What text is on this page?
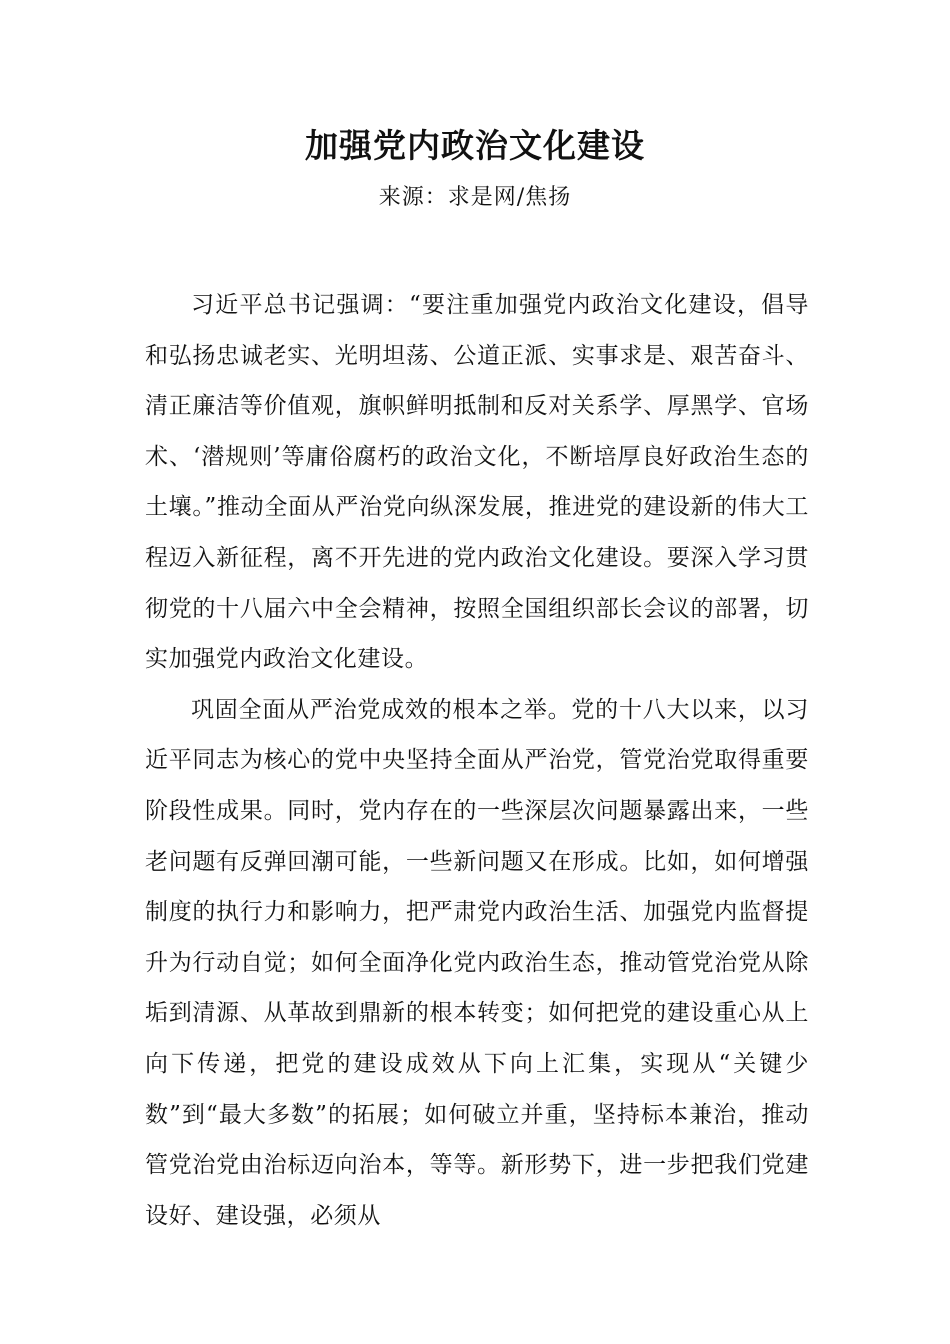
加强党内政治文化建设

来源：求是网/焦扬

习近平总书记强调：“要注重加强党内政治文化建设，倡导和弘扬忠诚老实、光明坦荡、公道正派、实事求是、艰苦奋斗、清正廉洁等价值观，旗帜鲜明抵制和反对关系学、厚黑学、官场术、‘潜规则’等庸俗腐朽的政治文化，不断培厚良好政治生态的土壤。”推动全面从严治党向纵深发展，推进党的建设新的伟大工程迈入新征程，离不开先进的党内政治文化建设。要深入学习贯彻党的十八届六中全会精神，按照全国组织部长会议的部署，切实加强党内政治文化建设。

巩固全面从严治党成效的根本之举。党的十八大以来，以习近平同志为核心的党中央坚持全面从严治党，管党治党取得重要阶段性成果。同时，党内存在的一些深层次问题暴露出来，一些老问题有反弹回潮可能，一些新问题又在形成。比如，如何增强制度的执行力和影响力，把严肃党内政治生活、加强党内监督提升为行动自觉；如何全面净化党内政治生态，推动管党治党从除垢到清源、从革故到鼎新的根本转变；如何把党的建设重心从上向下传递，把党的建设成效从下向上汇集，实现从“关键少数”到“最大多数”的拓展；如何破立并重，坚持标本兼治，推动管党治党由治标迈向治本，等等。新形势下，进一步把我们党建设好、建设强，必须从
